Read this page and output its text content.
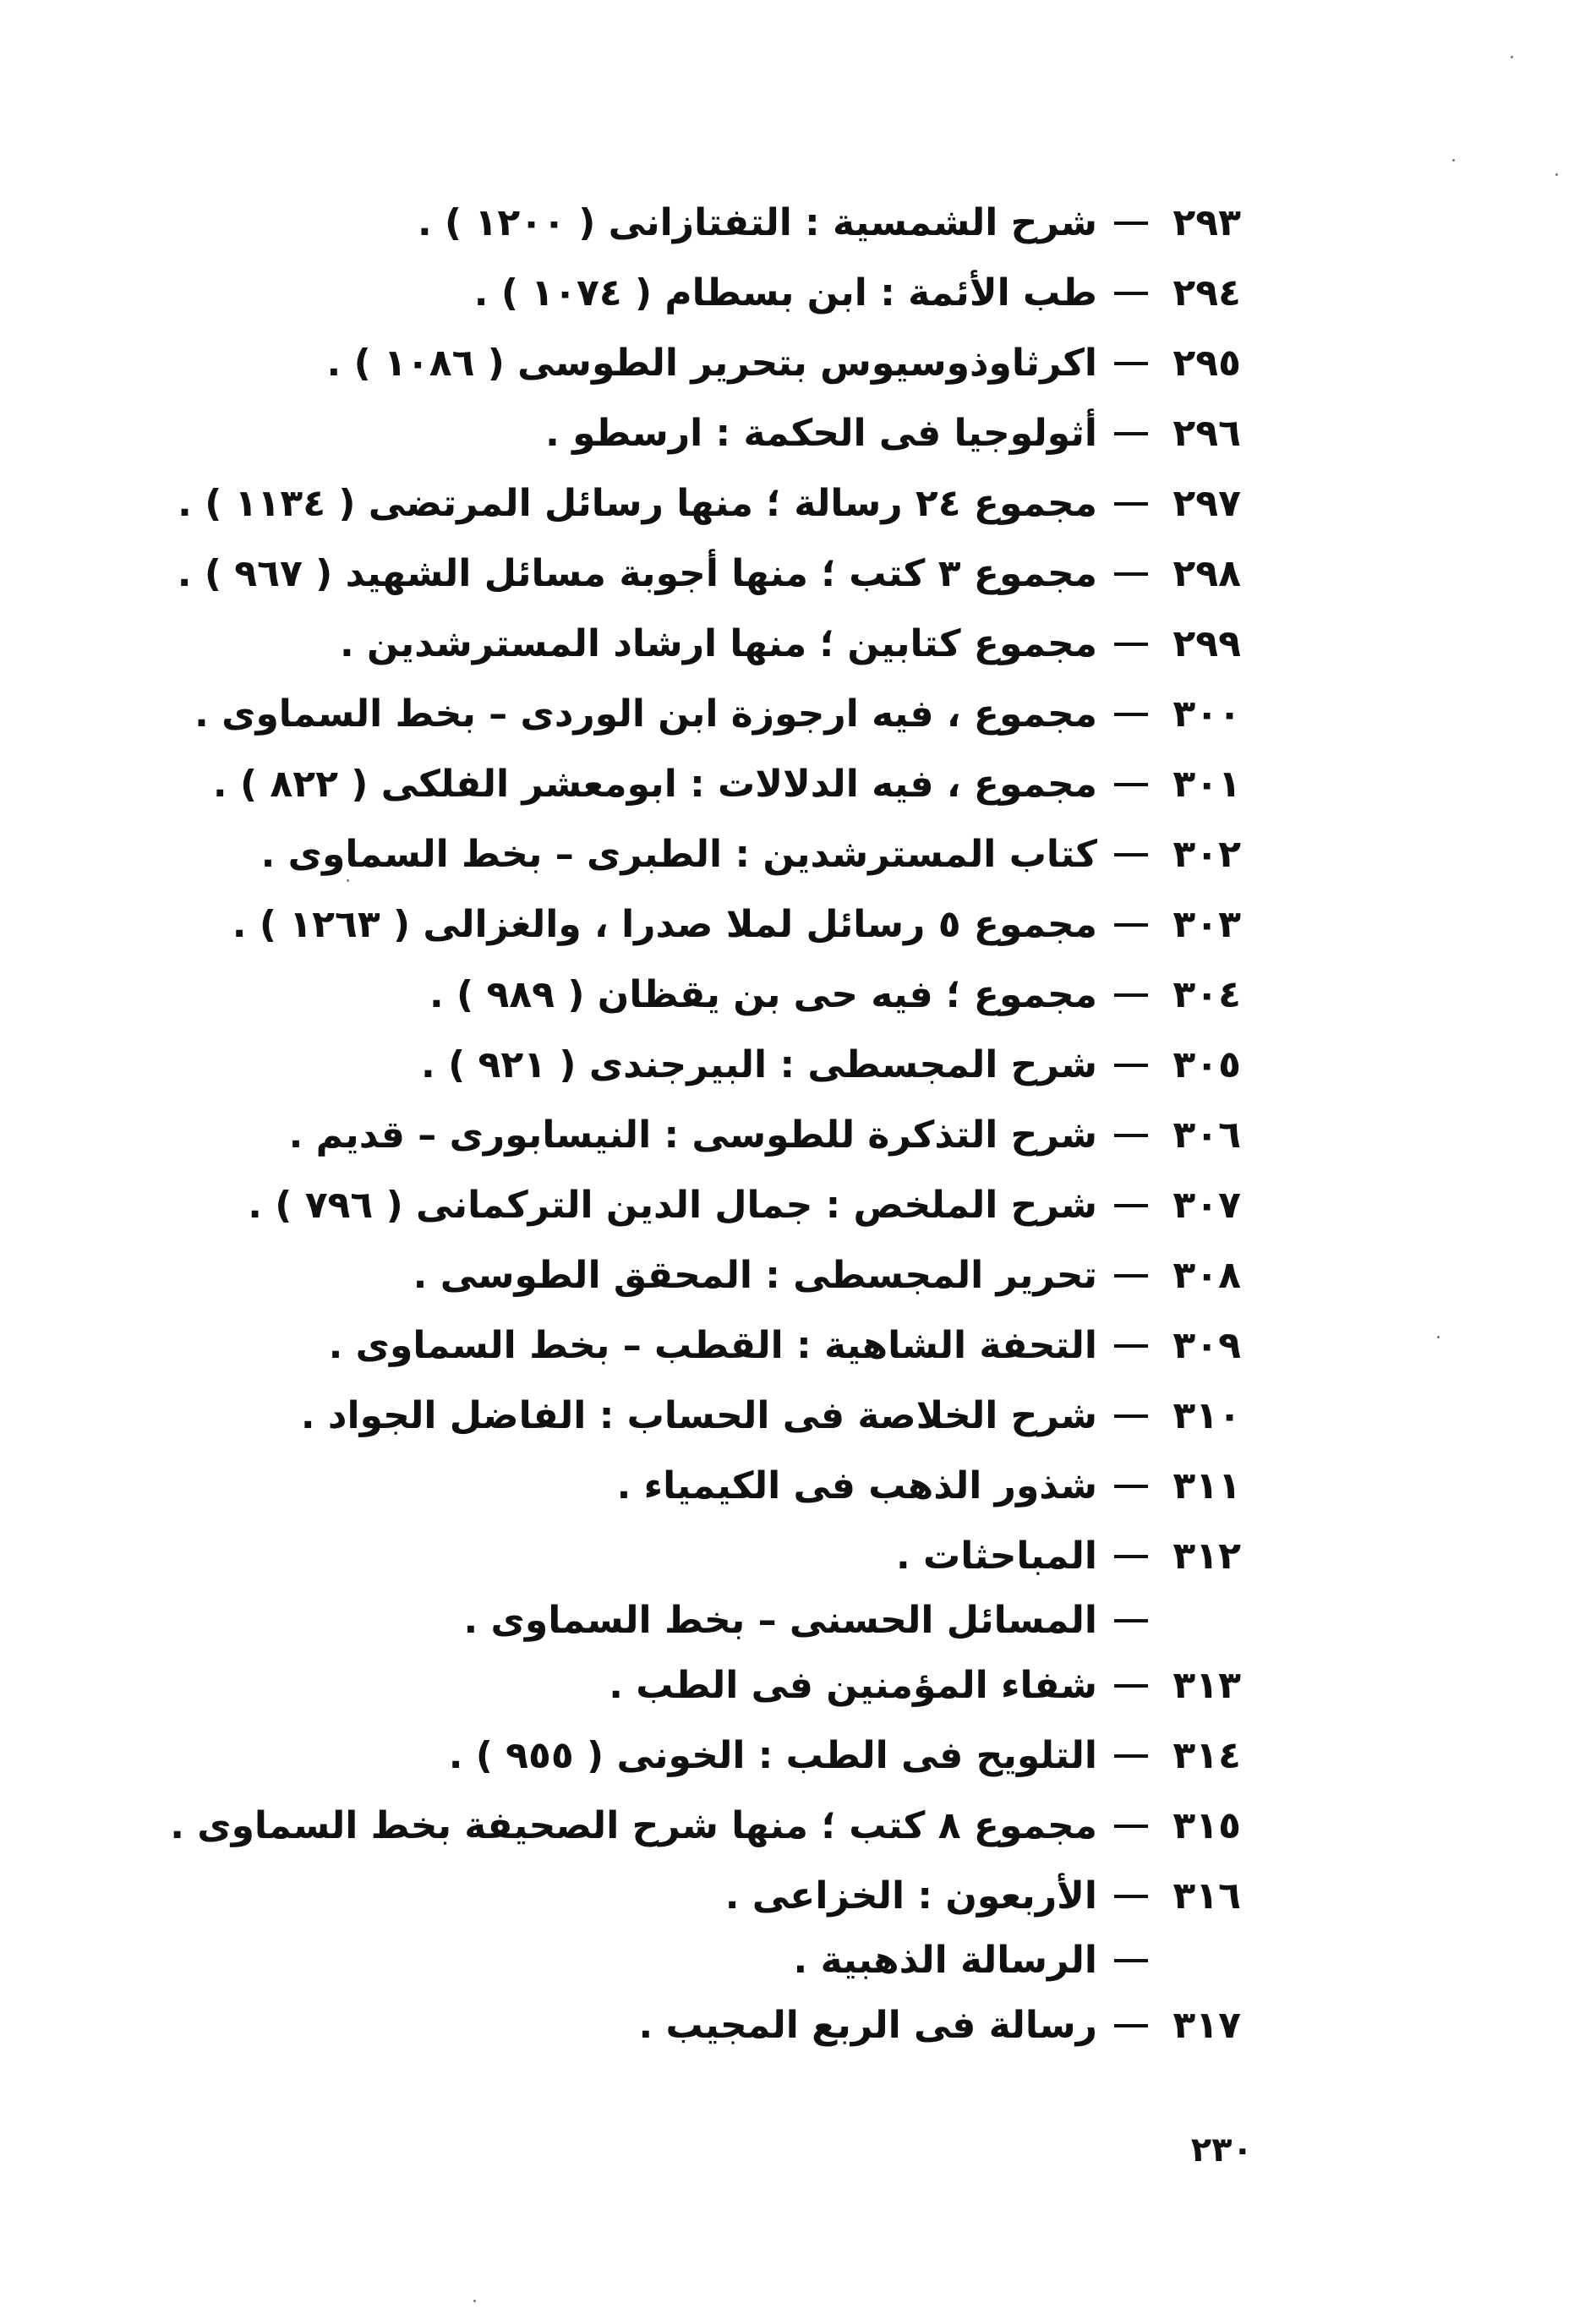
٢٩٣
شرح الشمسية : التفتازانى ( ١٢٠٠ ) .
٢٩٤
طب الأئمة : ابن بسطام ( ١٠٧٤ ) .
٢٩٥
اكرثاوذوسيوس بتحرير الطوسى ( ١٠٨٦ ) .
٢٩٦
أثولوجيا فى الحكمة : ارسطو .
٢٩٧
مجموع ٢٤ رسالة ؛ منها رسائل المرتضى ( ١١٣٤ ) .
٢٩٨
مجموع ٣ كتب ؛ منها أجوبة مسائل الشهيد ( ٩٦٧ ) .
٢٩٩
مجموع كتابين ؛ منها ارشاد المسترشدين .
٣٠٠
مجموع ، فيه ارجوزة ابن الوردى – بخط السماوى .
٣٠١
مجموع ، فيه الدلالات : ابومعشر الفلكى ( ٨٢٢ ) .
٣٠٢
كتاب المسترشدين : الطبرى – بخط السماوى .
٣٠٣
مجموع ٥ رسائل لملا صدرا ، والغزالى ( ١٢٦٣ ) .
٣٠٤
مجموع ؛ فيه حى بن يقظان ( ٩٨٩ ) .
٣٠٥
شرح المجسطى : البيرجندى ( ٩٢١ ) .
٣٠٦
شرح التذكرة للطوسى : النيسابورى – قديم .
٣٠٧
شرح الملخص : جمال الدين التركمانى ( ٧٩٦ ) .
٣٠٨
تحرير المجسطى : المحقق الطوسى .
٣٠٩
التحفة الشاهية : القطب – بخط السماوى .
٣١٠
شرح الخلاصة فى الحساب : الفاضل الجواد .
٣١١
شذور الذهب فى الكيمياء .
٣١٢
المباحثات .
المسائل الحسنى – بخط السماوى .
٣١٣
شفاء المؤمنين فى الطب .
٣١٤
التلويح فى الطب : الخونى ( ٩٥٥ ) .
٣١٥
مجموع ٨ كتب ؛ منها شرح الصحيفة بخط السماوى .
٣١٦
الأربعون : الخزاعى .
الرسالة الذهبية .
٣١٧
رسالة فى الربع المجيب .
٢٣٠
